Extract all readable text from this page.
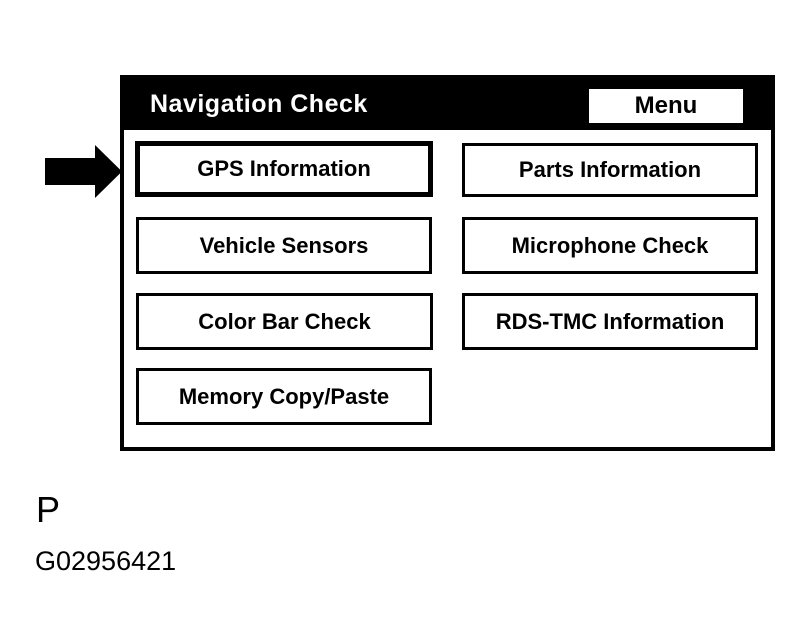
Navigation Check	Menu
GPS Information	Parts Information
Vehicle Sensors	Microphone Check
Color Bar Check	RDS-TMC Information
Memory Copy/Paste
P
G02956421
